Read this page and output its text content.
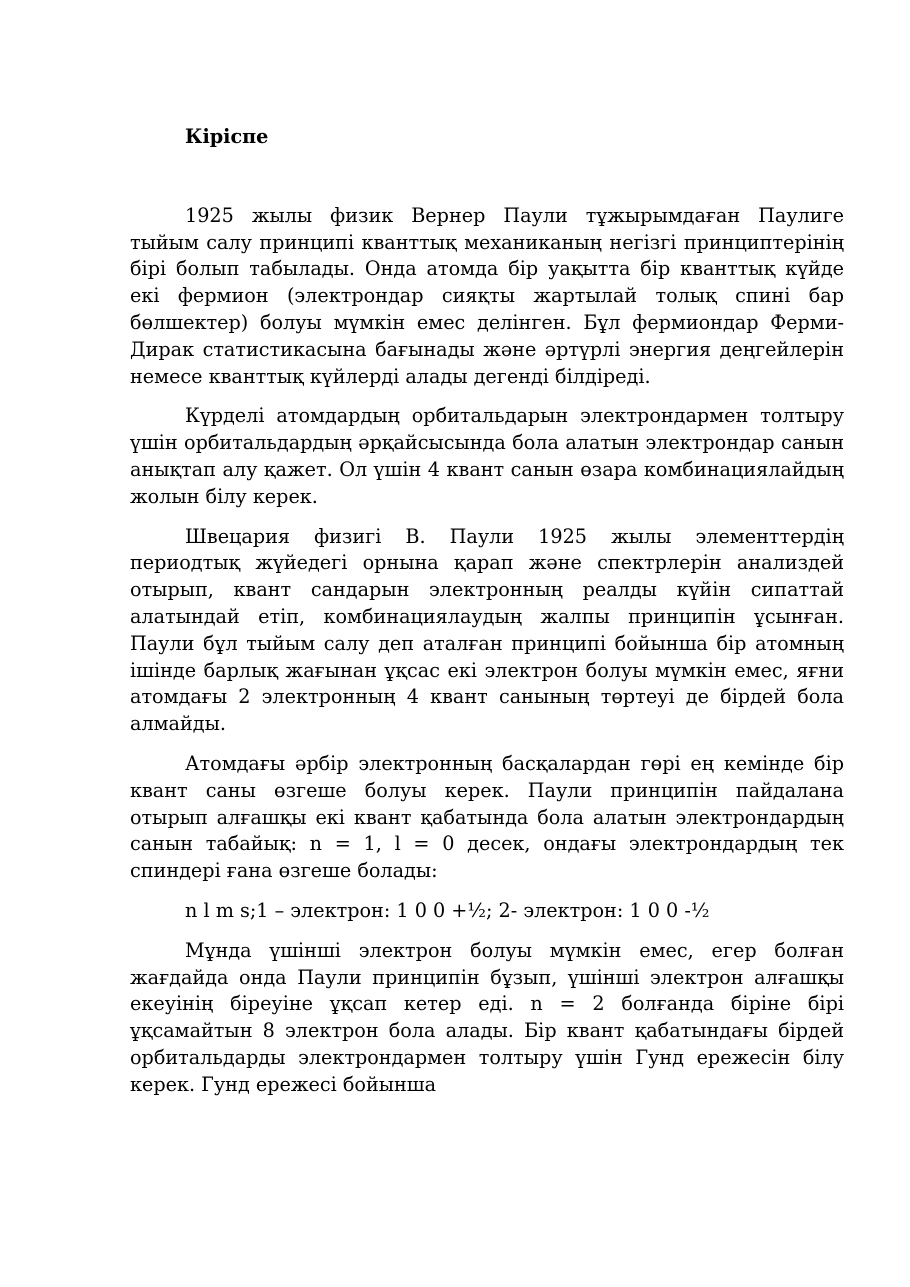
Кіріспе

1925 жылы физик Вернер Паули тұжырымдаған Паулиге тыйым салу принципі кванттық механиканың негізгі принциптерінің бірі болып табылады. Онда атомда бір уақытта бір кванттық күйде екі фермион (электрондар сияқты жартылай толық спині бар бөлшектер) болуы мүмкін емес делінген. Бұл фермиондар Ферми-Дирак статистикасына бағынады және әртүрлі энергия деңгейлерін немесе кванттық күйлерді алады дегенді білдіреді.

Күрделі атомдардың орбитальдарын электрондармен толтыру үшін орбитальдардың әрқайсысында бола алатын электрондар санын анықтап алу қажет. Ол үшін 4 квант санын өзара комбинациялайдың жолын білу керек.

Швецария физигі В. Паули 1925 жылы элементтердің периодтық жүйедегі орнына қарап және спектрлерін анализдей отырып, квант сандарын электронның реалды күйін сипаттай алатындай етіп, комбинациялаудың жалпы принципін ұсынған. Паули бұл тыйым салу деп аталған принципі бойынша бір атомның ішінде барлық жағынан ұқсас екі электрон болуы мүмкін емес, яғни атомдағы 2 электронның 4 квант санының төртеуі де бірдей бола алмайды.

Атомдағы әрбір электронның басқалардан гөрі ең кемінде бір квант саны өзгеше болуы керек. Паули принципін пайдалана отырып алғашқы екі квант қабатында бола алатын электрондардың санын табайық: n = 1, l = 0 десек, ондағы электрондардың тек спиндері ғана өзгеше болады:

n l m s;1 – электрон: 1 0 0 +½; 2- электрон: 1 0 0 -½

Мұнда үшінші электрон болуы мүмкін емес, егер болған жағдайда онда Паули принципін бұзып, үшінші электрон алғашқы екеуінің біреуіне ұқсап кетер еді. n = 2 болғанда біріне бірі ұқсамайтын 8 электрон бола алады. Бір квант қабатындағы бірдей орбитальдарды электрондармен толтыру үшін Гунд ережесін білу керек. Гунд ережесі бойынша
